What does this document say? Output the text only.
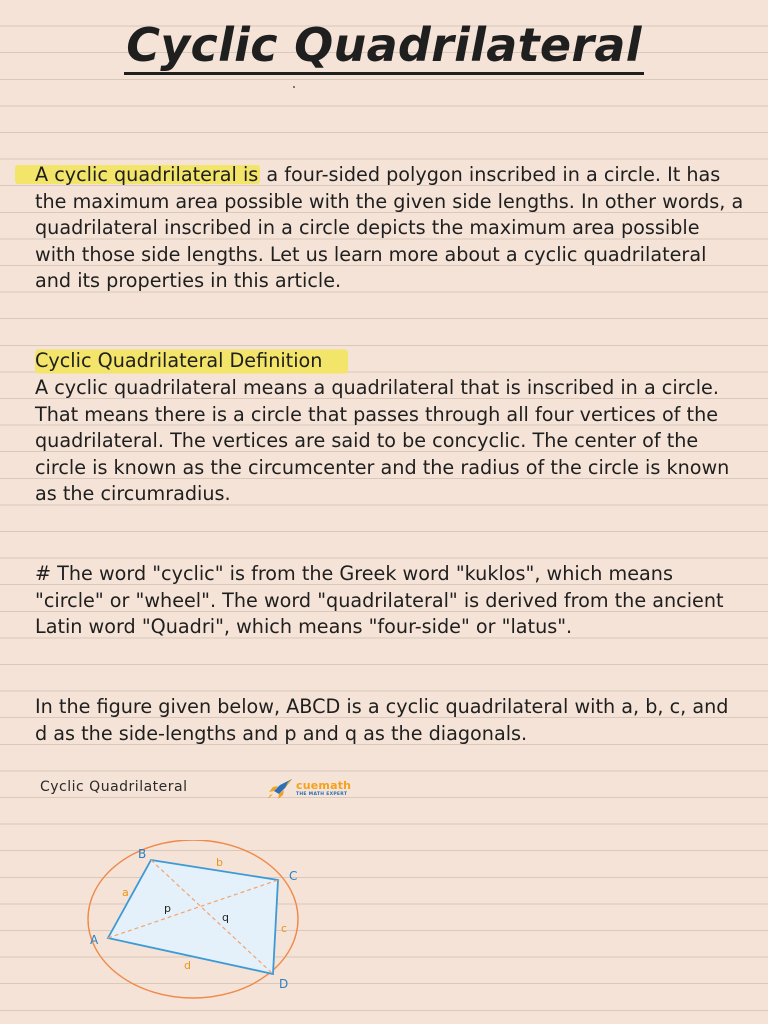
Cyclic Quadrilateral

A cyclic quadrilateral is a four-sided polygon inscribed in a circle. It has the maximum area possible with the given side lengths. In other words, a quadrilateral inscribed in a circle depicts the maximum area possible with those side lengths. Let us learn more about a cyclic quadrilateral and its properties in this article.

Cyclic Quadrilateral Definition

A cyclic quadrilateral means a quadrilateral that is inscribed in a circle. That means there is a circle that passes through all four vertices of the quadrilateral. The vertices are said to be concyclic. The center of the circle is known as the circumcenter and the radius of the circle is known as the circumradius.

# The word "cyclic" is from the Greek word "kuklos", which means "circle" or "wheel". The word "quadrilateral" is derived from the ancient Latin word "Quadri", which means "four-side" or "latus".

In the figure given below, ABCD is a cyclic quadrilateral with a, b, c, and d as the side-lengths and p and q as the diagonals.

Cyclic Quadrilateral	cuemath
THE MATH EXPERT
B
C
A
D
a
b
c
d
p
q
